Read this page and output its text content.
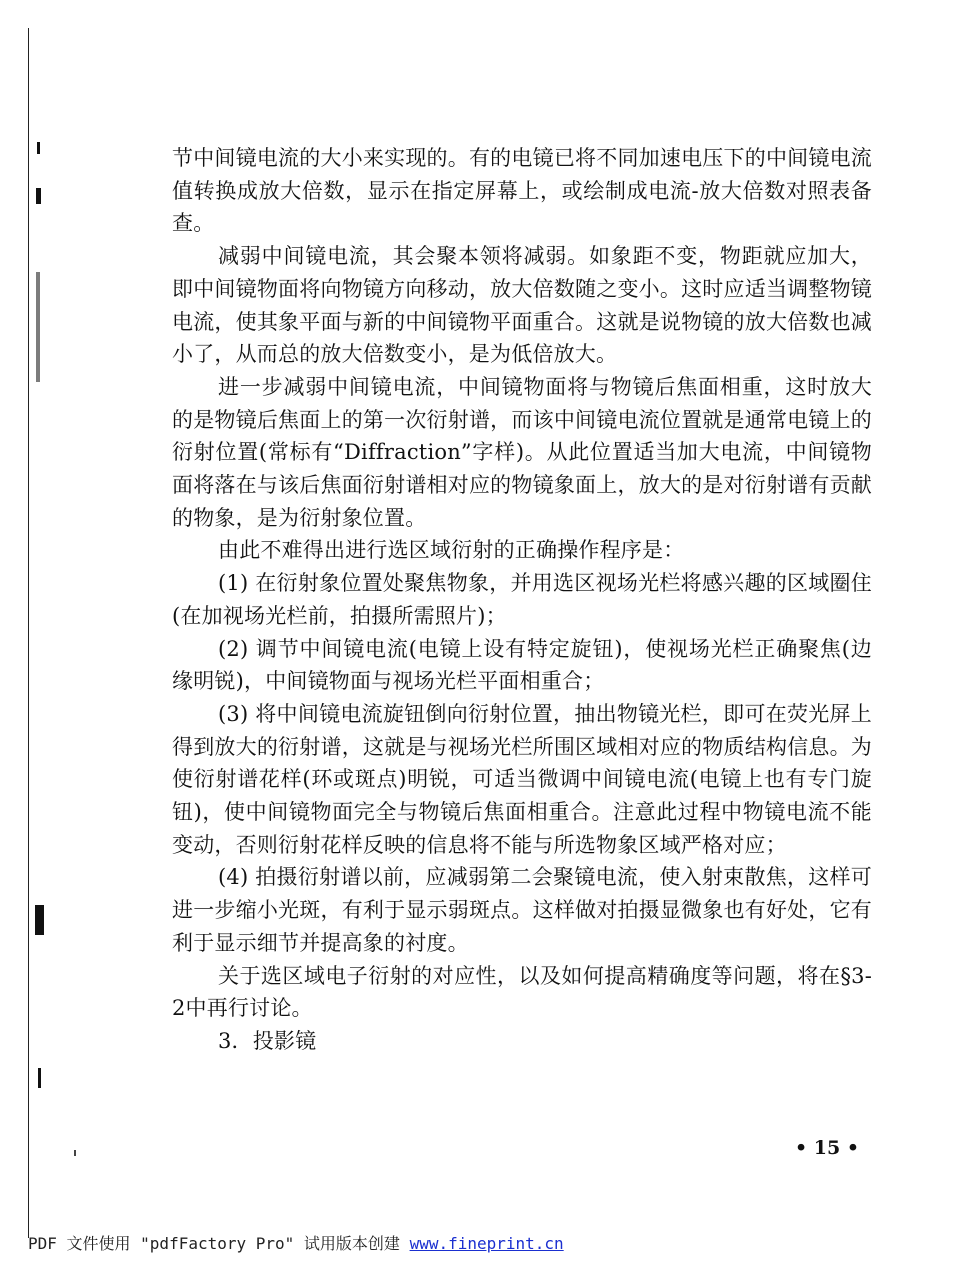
节中间镜电流的大小来实现的。有的电镜已将不同加速电压下的中间镜电流值转换成放大倍数，显示在指定屏幕上，或绘制成电流-放大倍数对照表备查。

减弱中间镜电流，其会聚本领将减弱。如象距不变，物距就应加大，即中间镜物面将向物镜方向移动，放大倍数随之变小。这时应适当调整物镜电流，使其象平面与新的中间镜物平面重合。这就是说物镜的放大倍数也减小了，从而总的放大倍数变小，是为低倍放大。

进一步减弱中间镜电流，中间镜物面将与物镜后焦面相重，这时放大的是物镜后焦面上的第一次衍射谱，而该中间镜电流位置就是通常电镜上的衍射位置(常标有“Diffraction”字样)。从此位置适当加大电流，中间镜物面将落在与该后焦面衍射谱相对应的物镜象面上，放大的是对衍射谱有贡献的物象，是为衍射象位置。

由此不难得出进行选区域衍射的正确操作程序是：

(1) 在衍射象位置处聚焦物象，并用选区视场光栏将感兴趣的区域圈住(在加视场光栏前，拍摄所需照片)；

(2) 调节中间镜电流(电镜上设有特定旋钮)，使视场光栏正确聚焦(边缘明锐)，中间镜物面与视场光栏平面相重合；

(3) 将中间镜电流旋钮倒向衍射位置，抽出物镜光栏，即可在荧光屏上得到放大的衍射谱，这就是与视场光栏所围区域相对应的物质结构信息。为使衍射谱花样(环或斑点)明锐，可适当微调中间镜电流(电镜上也有专门旋钮)，使中间镜物面完全与物镜后焦面相重合。注意此过程中物镜电流不能变动，否则衍射花样反映的信息将不能与所选物象区域严格对应；

(4) 拍摄衍射谱以前，应减弱第二会聚镜电流，使入射束散焦，这样可进一步缩小光斑，有利于显示弱斑点。这样做对拍摄显微象也有好处，它有利于显示细节并提高象的衬度。

关于选区域电子衍射的对应性，以及如何提高精确度等问题，将在§3-2中再行讨论。

3．投影镜

• 15 •
PDF 文件使用 "pdfFactory Pro" 试用版本创建 www.fineprint.cn
